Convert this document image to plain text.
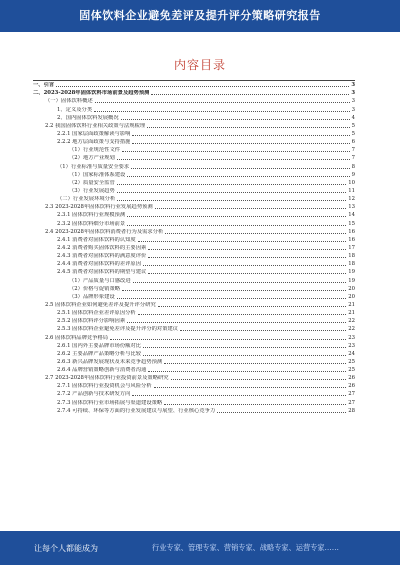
固体饮料企业避免差评及提升评分策略研究报告
内容目录
一、引言	3
二、2023-2028年固体饮料市场前景及趋势预测	3
（一）固体饮料概述	3
1、定义及分类	3
2、国内固体饮料发展概况	4
2.2 我国固体饮料行业相关政策与法规梳理	5
2.2.1 国家层面政策解读与影响	5
2.2.2 地方层面政策与支持措施	6
（1）行业规范性文件	7
（2）地方产业规划	7
（1）行业标准与质量安全要求	8
（1）国家标准体系建设	9
（2）质量安全监管	10
（3）行业发展趋势	11
（二）行业发展环境分析	12
2.3 2023-2028年固体饮料行业发展趋势预测	13
2.3.1 固体饮料行业规模预测	14
2.3.2 固体饮料细分市场前景	15
2.4 2023-2028年固体饮料消费者行为及需求分析	16
2.4.1 消费者对固体饮料的认知度	16
2.4.2 消费者购买固体饮料的主要因素	17
2.4.3 消费者对固体饮料的满意度评价	18
2.4.4 消费者对固体饮料的差评原因	18
2.4.5 消费者对固体饮料的期望与建议	19
（1）产品质量与口感改进	19
（2）价格与促销策略	20
（3）品牌形象建设	20
2.5 固体饮料企业如何避免差评及提升评分研究	21
2.5.1 固体饮料企业差评原因分析	21
2.5.2 固体饮料评分影响因素	22
2.5.3 固体饮料企业避免差评及提升评分的对策建议	22
2.6 固体饮料品牌竞争格局	23
2.6.1 国内外主要品牌市场份额对比	23
2.6.2 主要品牌产品策略分析与比较	24
2.6.3 新兴品牌发展现状及未来竞争趋势预测	25
2.6.4 品牌营销策略创新与消费者沟通	25
2.7 2023-2028年固体饮料行业投资前景及策略研究	26
2.7.1 固体饮料行业投资机会与风险分析	26
2.7.2 产品创新与技术研发方向	27
2.7.3 固体饮料行业市场拓展与渠道建设策略	27
2.7.4 可持续、环保等方面的行业发展建议与展望、行业核心竞争力	28
让每个人都能成为	行业专家、管理专家、营销专家、战略专家、运营专家……
